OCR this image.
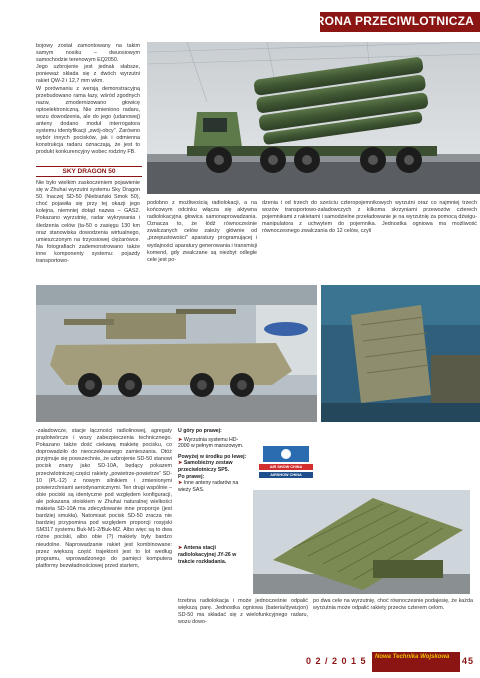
OBRONA PRZECIWLOTNICZA

bojowy został zamontowany na takim samym nosiku – dwuosiowym samochodzie terenowym EQ2050.

Jego uzbrojenie jest jednak słabsze, ponieważ składa się z dwóch wyrzutni rakiet QW-2 i 12,7 mm wkm.

W porównaniu z wersją demonstracyjną przebudowano rama łazy, wśród zgodnych nazw, zmodernizowano głowicę optoelektroniczną. Nie zmieniono radaru, wozu dowodzenia, ale do jego (udanowej) anteny dodano moduł interrogatora systemu identyfikacji „swój-obcy”. Zarówno wybór innych pocisków, jak i odmienna konstrukcja radaru oznaczają, że jest to produkt konkurencyjny wobec rodziny FB.

SKY DRAGON 50
Nie było wielkim zaskoczeniem pojawienie się w Zhuhai wyrzutni systemu Sky Dragon 50. Inaczej SD-50 (Niebiański Smok 50), choć pojawiła się przy tej okazji jego kolejna, niemniej dotąd nazwa – GAS2. Pokazano wyrzutnię, radar wykrywania i śledzenia celów (ta-50 o zasięgu 130 km oraz stanowiska dowodzenia wirtualnego, umieszczonym na trzyosiowej ciężarówce. Na fotografiach zademonstrowano także inne komponenty systemu: pojazdy transportowo-
podobno z możliwością radiolokacji, a na końcowym odcinku włącza się aktywna radiolokacyjna głowica samonaprowadzania. Oznacza to, że łódź równocześnie zwalczanych celów zależy głównie od „przepustowości” aparatury programującej i wydajności aparatury generowania i transmisji komend, gdy zwalczane są niezbyt odległe cele jest po-
dzenia i od trzech do sześciu czteropojemnikowych wyrzutni oraz co najmniej trzech wozów transportowo-załadowczych z kilkoma skrzyniami przewozów czterech pojemnikami z rakietami i samodzielne przeładowanie je na wyrzutnię za pomocą dźwigu-manipulatora z uchwytem do pojemnika. Jednostka ogniowa ma możliwość równoczesnego zwalczania do 12 celów, czyli
-załadowcze, stacje łączności radiolinowej, agregaty prądotwórcze i wozy zabezpieczenia technicznego. Pokazano także dość ciekawą makietę pocisku, co doprowadziło do nieoczekiwanego zamieszania. Otóż przyjmuje się powszechnie, że uzbrojenie SD-50 stanowi pocisk znany jako SD-10A, będący pokazem przeciwlotniczej części rakiety „powietrze-powietrze” SD-10 (PL-12) z nowym silnikiem i zmienionymi powierzchniami aerodynamicznymi. Ten drugi wspólnie – obie pociski są identyczne pod względem konfiguracji, ale pokazana stoiskiem w Zhuhai naturalnej wielkości makieta SD-10A ma zdecydowanie inne proporcje (jest bardziej smukła). Natomiast pocisk SD-50 zracza nie bardziej przypomina pod względem proporcji rosyjski SM317 systemu Buk-M1-2/Buk-M2. Albo więc są to dwa różne pociski, albo obie (?) makiety były bardzo nieudolne. Naprowadzanie rakiet jest kombinowane: przez większą część trajektorii jest to lot według programu, wprowadzonego do pamięci komputera platformy bezwładnościowej przed startem,
U góry po prawej:
➤ Wyrzutnia systemu HD-2000 w pełnym marszowym.
Powyżej w środku po lewej:
➤ Samobieżny zestaw przeciwlotniczy SP5.
Po prawej:
➤ Inne anteny radarów na wieży SAS.
➤ Antena stacji radiolokacyjnej JY-26 w trakcie rozkładania.
AIR SHOW CHINA
AIRSHOW CHINA
trzebna radiolokacja i może jednocześnie odpalić większą parę. Jednostka ogniowa (bateria/dywizjon) SD-50 ma składać się z wielofunkcyjnego radaru, wozu dowo-
po dwa cele na wyrzutnię, choć równoczesnie podajesię, że każda wyrzutnia może odpalić rakiety przeciw czterem celom.
0 2 / 2 0 1 5	Nowa Technika Wojskowa	45
